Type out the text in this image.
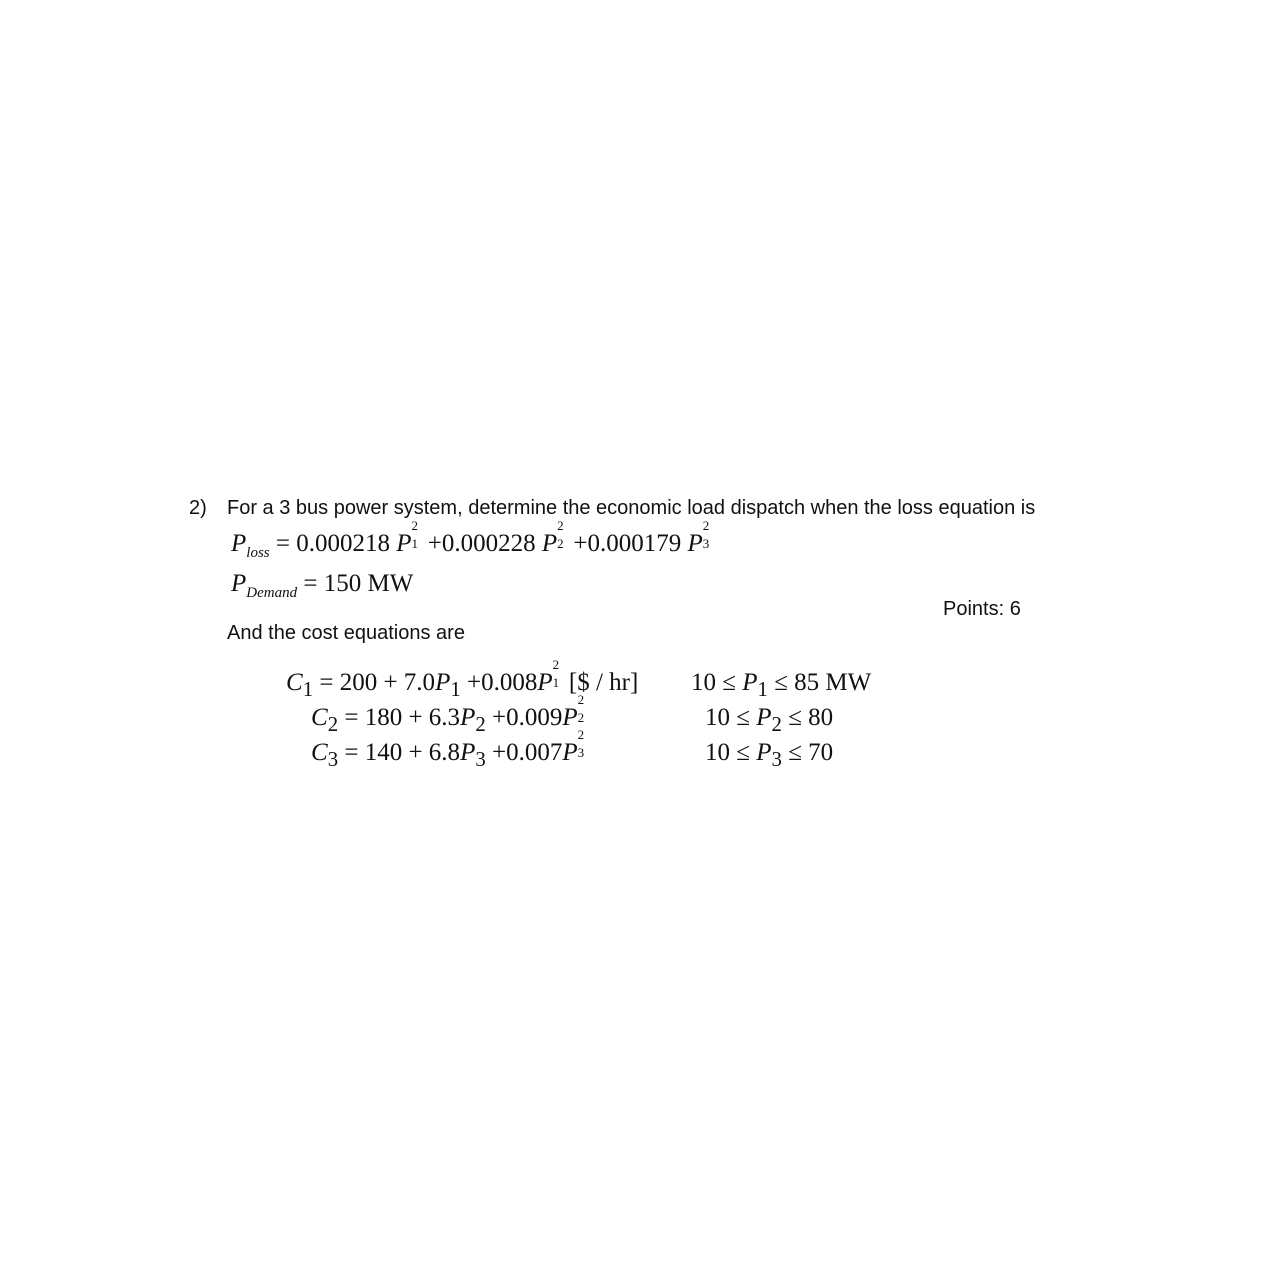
2) For a 3 bus power system, determine the economic load dispatch when the loss equation is
$P_{loss} = 0.000218$ P
2
1 +0.000228 P
2
2 +0.000179 P
2
3
$P_{Demand} = 150$ MW
Points: 6
And the cost equations are
$C_1 = 200 + 7.0P_1 +0.008P$
2
1 [$ / hr] $10 \le P_1 \le 85$ MW
$C_2 = 180 + 6.3P_2 +0.009P$
2
2	$10 \le P_2 \le 80$
$C_3 = 140 + 6.8P_3 +0.007P$
2
3	$10 \le P_3 \le 70$
